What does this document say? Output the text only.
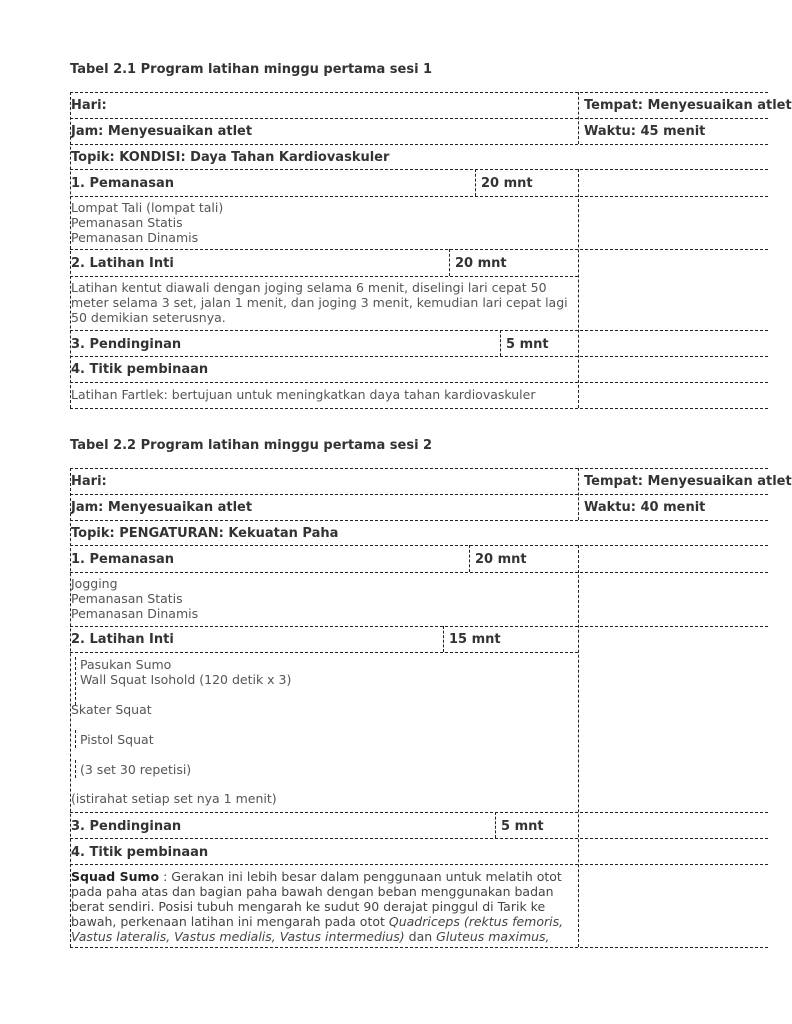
Tabel 2.1 Program latihan minggu pertama sesi 1
Hari:	Tempat: Menyesuaikan atlet
Jam: Menyesuaikan atlet	Waktu: 45 menit
Topik: KONDISI: Daya Tahan Kardiovaskuler
1. Pemanasan	20 mnt
Lompat Tali (lompat tali)
Pemanasan Statis
Pemanasan Dinamis
2. Latihan Inti	20 mnt
Latihan kentut diawali dengan joging selama 6 menit, diselingi lari cepat 50
meter selama 3 set, jalan 1 menit, dan joging 3 menit, kemudian lari cepat lagi
50 demikian seterusnya.
3. Pendinginan	5 mnt
4. Titik pembinaan
Latihan Fartlek: bertujuan untuk meningkatkan daya tahan kardiovaskuler
Tabel 2.2 Program latihan minggu pertama sesi 2
Hari:	Tempat: Menyesuaikan atlet
Jam: Menyesuaikan atlet	Waktu: 40 menit
Topik: PENGATURAN: Kekuatan Paha
1. Pemanasan	20 mnt
Jogging
Pemanasan Statis
Pemanasan Dinamis
2. Latihan Inti	15 mnt
Pasukan Sumo
Wall Squat Isohold (120 detik x 3)
Skater Squat
Pistol Squat
(3 set 30 repetisi)
(istirahat setiap set nya 1 menit)
3. Pendinginan	5 mnt
4. Titik pembinaan
Squad Sumo : Gerakan ini lebih besar dalam penggunaan untuk melatih otot pada paha atas dan bagian paha bawah dengan beban menggunakan badan berat sendiri. Posisi tubuh mengarah ke sudut 90 derajat pinggul di Tarik ke bawah, perkenaan latihan ini mengarah pada otot Quadriceps (rektus femoris, Vastus lateralis, Vastus medialis, Vastus intermedius) dan Gluteus maximus,
